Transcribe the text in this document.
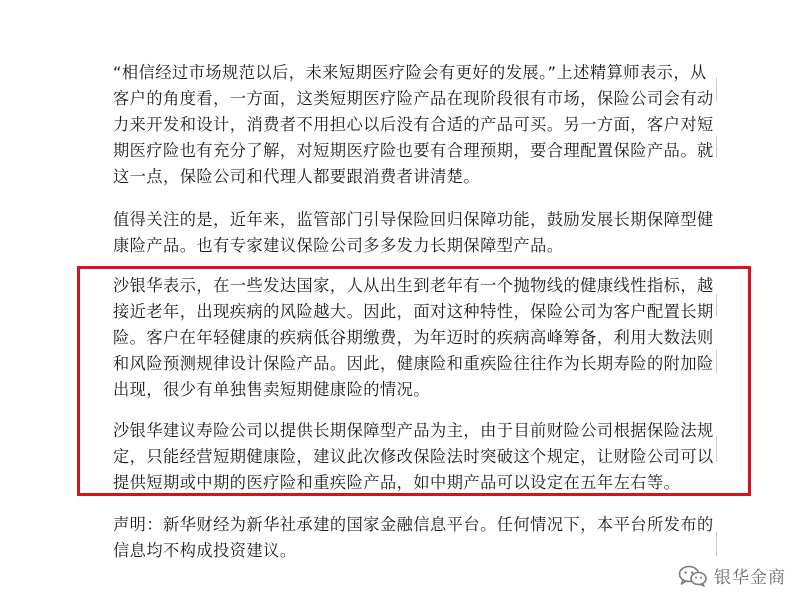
“相信经过市场规范以后，未来短期医疗险会有更好的发展。”上述精算师表示，从客户的角度看，一方面，这类短期医疗险产品在现阶段很有市场，保险公司会有动力来开发和设计，消费者不用担心以后没有合适的产品可买。另一方面，客户对短期医疗险也有充分了解，对短期医疗险也要有合理预期，要合理配置保险产品。就这一点，保险公司和代理人都要跟消费者讲清楚。

值得关注的是，近年来，监管部门引导保险回归保障功能，鼓励发展长期保障型健康险产品。也有专家建议保险公司多多发力长期保障型产品。

沙银华表示，在一些发达国家，人从出生到老年有一个抛物线的健康线性指标，越接近老年，出现疾病的风险越大。因此，面对这种特性，保险公司为客户配置长期险。客户在年轻健康的疾病低谷期缴费，为年迈时的疾病高峰筹备，利用大数法则和风险预测规律设计保险产品。因此，健康险和重疾险往往作为长期寿险的附加险出现，很少有单独售卖短期健康险的情况。

沙银华建议寿险公司以提供长期保障型产品为主，由于目前财险公司根据保险法规定，只能经营短期健康险，建议此次修改保险法时突破这个规定，让财险公司可以提供短期或中期的医疗险和重疾险产品，如中期产品可以设定在五年左右等。

声明：新华财经为新华社承建的国家金融信息平台。任何情况下，本平台所发布的信息均不构成投资建议。

银华金商
